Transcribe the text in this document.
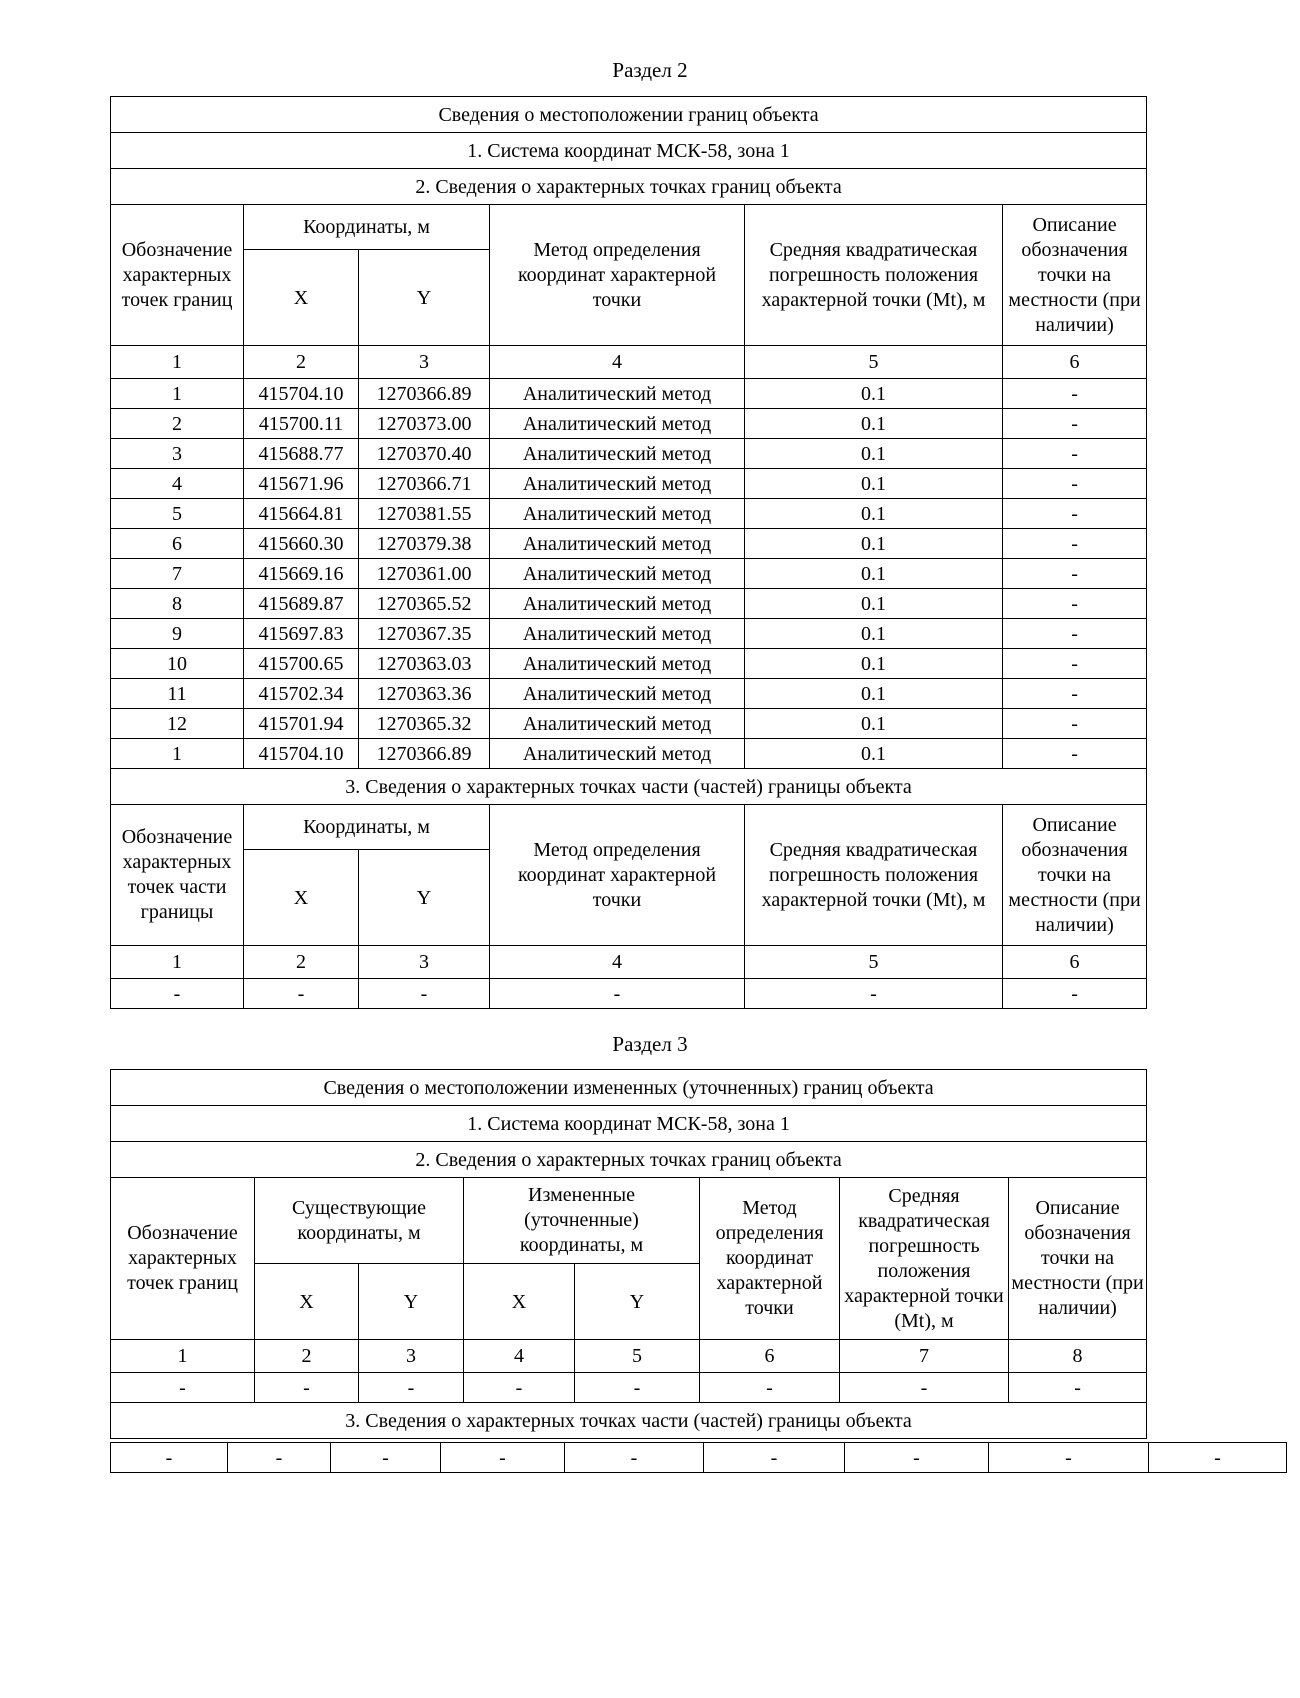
Раздел 2
Сведения о местоположении границ объекта					
1. Система координат МСК-58, зона 1					
2. Сведения о характерных точках границ объекта					
Обозначение характерных точек границ	Координаты, м		Метод определения координат характерной точки	Средняя квадратическая погрешность положения характерной точки (Mt), м	Описание обозначения точки на местности (при наличии)
	X	Y			
1	2	3	4	5	6
1	415704.10	1270366.89	Аналитический метод	0.1	-
2	415700.11	1270373.00	Аналитический метод	0.1	-
3	415688.77	1270370.40	Аналитический метод	0.1	-
4	415671.96	1270366.71	Аналитический метод	0.1	-
5	415664.81	1270381.55	Аналитический метод	0.1	-
6	415660.30	1270379.38	Аналитический метод	0.1	-
7	415669.16	1270361.00	Аналитический метод	0.1	-
8	415689.87	1270365.52	Аналитический метод	0.1	-
9	415697.83	1270367.35	Аналитический метод	0.1	-
10	415700.65	1270363.03	Аналитический метод	0.1	-
11	415702.34	1270363.36	Аналитический метод	0.1	-
12	415701.94	1270365.32	Аналитический метод	0.1	-
1	415704.10	1270366.89	Аналитический метод	0.1	-
3. Сведения о характерных точках части (частей) границы объекта					
Обозначение характерных точек части границы	Координаты, м		Метод определения координат характерной точки	Средняя квадратическая погрешность положения характерной точки (Mt), м	Описание обозначения точки на местности (при наличии)
	X	Y			
1	2	3	4	5	6
-	-	-	-	-	-
Раздел 3
Сведения о местоположении измененных (уточненных) границ объекта							
1. Система координат МСК-58, зона 1							
2. Сведения о характерных точках границ объекта							
Обозначение характерных точек границ	Существующие координаты, м		Измененные (уточненные) координаты, м		Метод определения координат характерной точки	Средняя квадратическая погрешность положения характерной точки (Mt), м	Описание обозначения точки на местности (при наличии)
	X	Y	X	Y			
1	2	3	4	5	6	7	8
-	-	-	-	-	-	-	-
3. Сведения о характерных точках части (частей) границы объекта							
-	-	-	-	-	-	-	-	-
